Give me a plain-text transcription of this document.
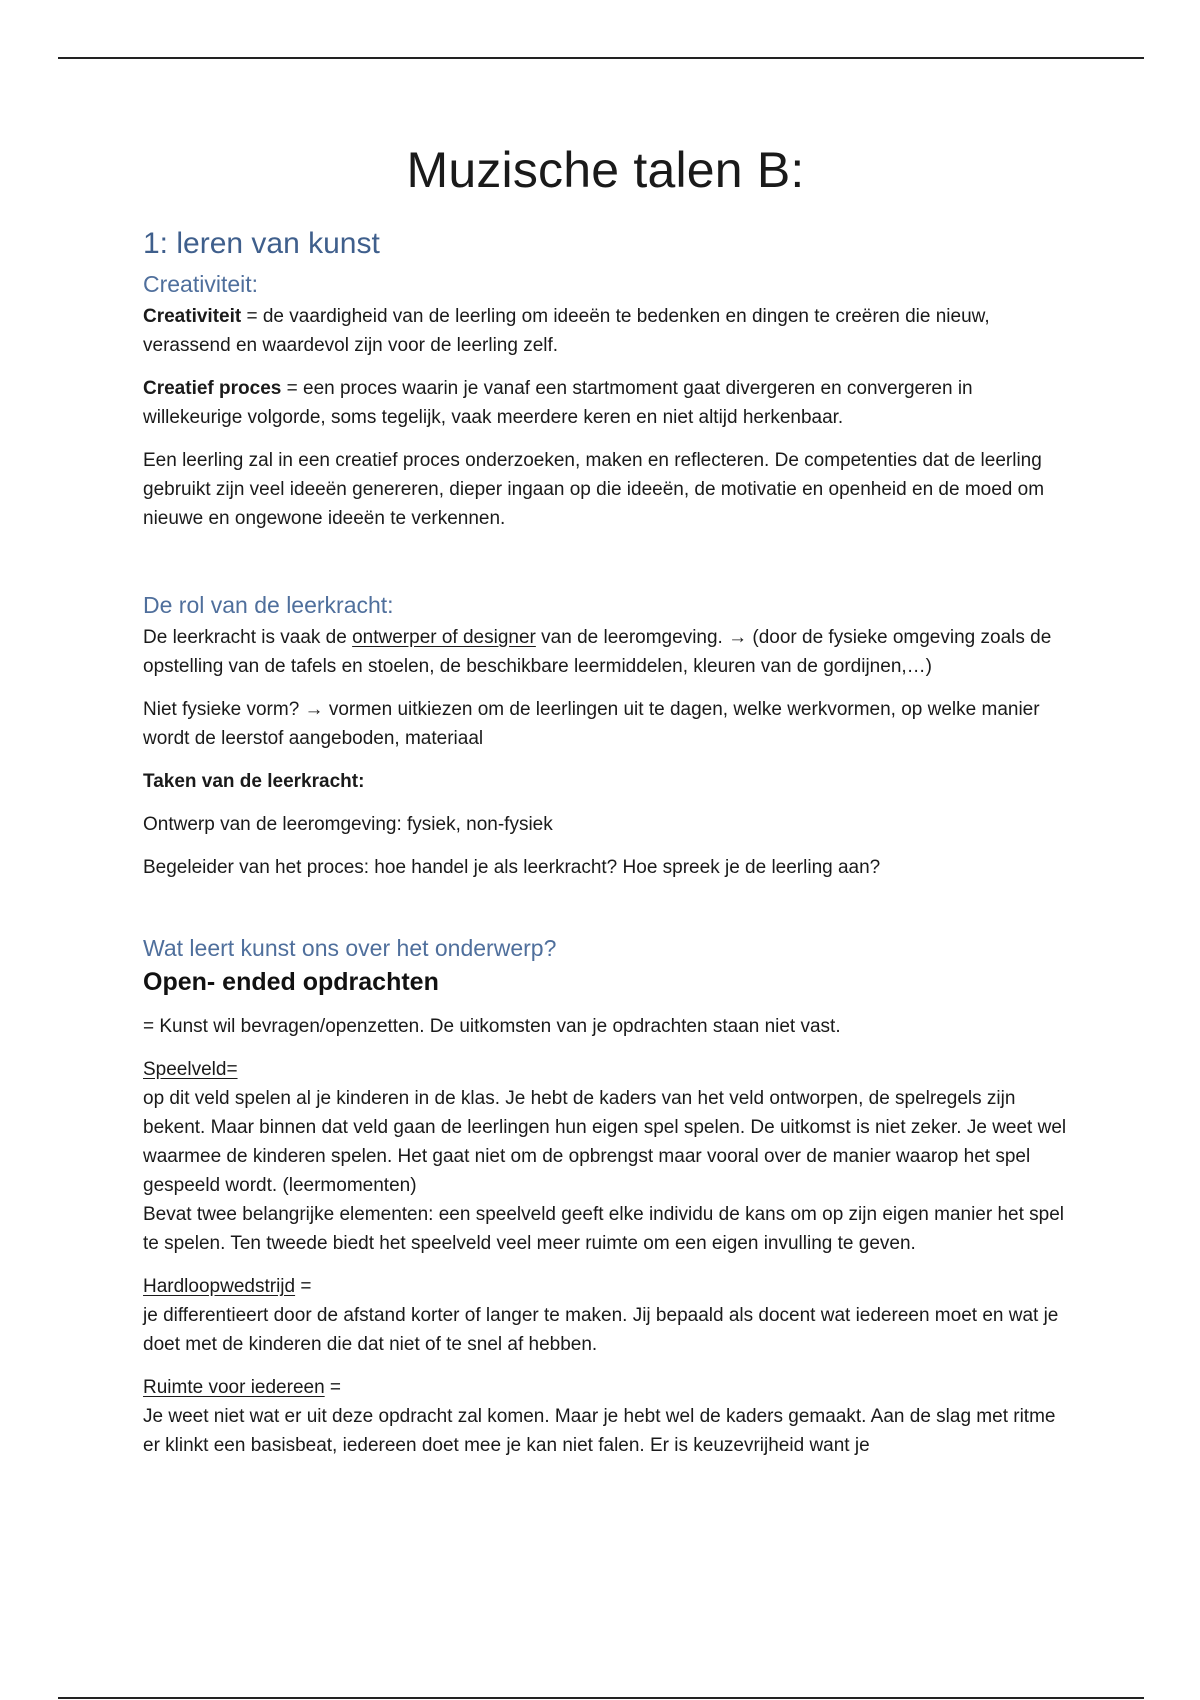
Muzische talen B:
1: leren van kunst
Creativiteit:

Creativiteit = de vaardigheid van de leerling om ideeën te bedenken en dingen te creëren die nieuw, verassend en waardevol zijn voor de leerling zelf.

Creatief proces = een proces waarin je vanaf een startmoment gaat divergeren en convergeren in willekeurige volgorde, soms tegelijk, vaak meerdere keren en niet altijd herkenbaar.

Een leerling zal in een creatief proces onderzoeken, maken en reflecteren. De competenties dat de leerling gebruikt zijn veel ideeën genereren, dieper ingaan op die ideeën, de motivatie en openheid en de moed om nieuwe en ongewone ideeën te verkennen.

De rol van de leerkracht:

De leerkracht is vaak de ontwerper of designer van de leeromgeving. → (door de fysieke omgeving zoals de opstelling van de tafels en stoelen, de beschikbare leermiddelen, kleuren van de gordijnen,…)

Niet fysieke vorm? → vormen uitkiezen om de leerlingen uit te dagen, welke werkvormen, op welke manier wordt de leerstof aangeboden, materiaal

Taken van de leerkracht:

Ontwerp van de leeromgeving: fysiek, non-fysiek

Begeleider van het proces: hoe handel je als leerkracht? Hoe spreek je de leerling aan?

Wat leert kunst ons over het onderwerp?
Open- ended opdrachten

= Kunst wil bevragen/openzetten. De uitkomsten van je opdrachten staan niet vast.

Speelveld=

op dit veld spelen al je kinderen in de klas. Je hebt de kaders van het veld ontworpen, de spelregels zijn bekent. Maar binnen dat veld gaan de leerlingen hun eigen spel spelen. De uitkomst is niet zeker. Je weet wel waarmee de kinderen spelen. Het gaat niet om de opbrengst maar vooral over de manier waarop het spel gespeeld wordt. (leermomenten)

Bevat twee belangrijke elementen: een speelveld geeft elke individu de kans om op zijn eigen manier het spel te spelen. Ten tweede biedt het speelveld veel meer ruimte om een eigen invulling te geven.

Hardloopwedstrijd =

je differentieert door de afstand korter of langer te maken. Jij bepaald als docent wat iedereen moet en wat je doet met de kinderen die dat niet of te snel af hebben.

Ruimte voor iedereen =

Je weet niet wat er uit deze opdracht zal komen. Maar je hebt wel de kaders gemaakt. Aan de slag met ritme er klinkt een basisbeat, iedereen doet mee je kan niet falen. Er is keuzevrijheid want je
